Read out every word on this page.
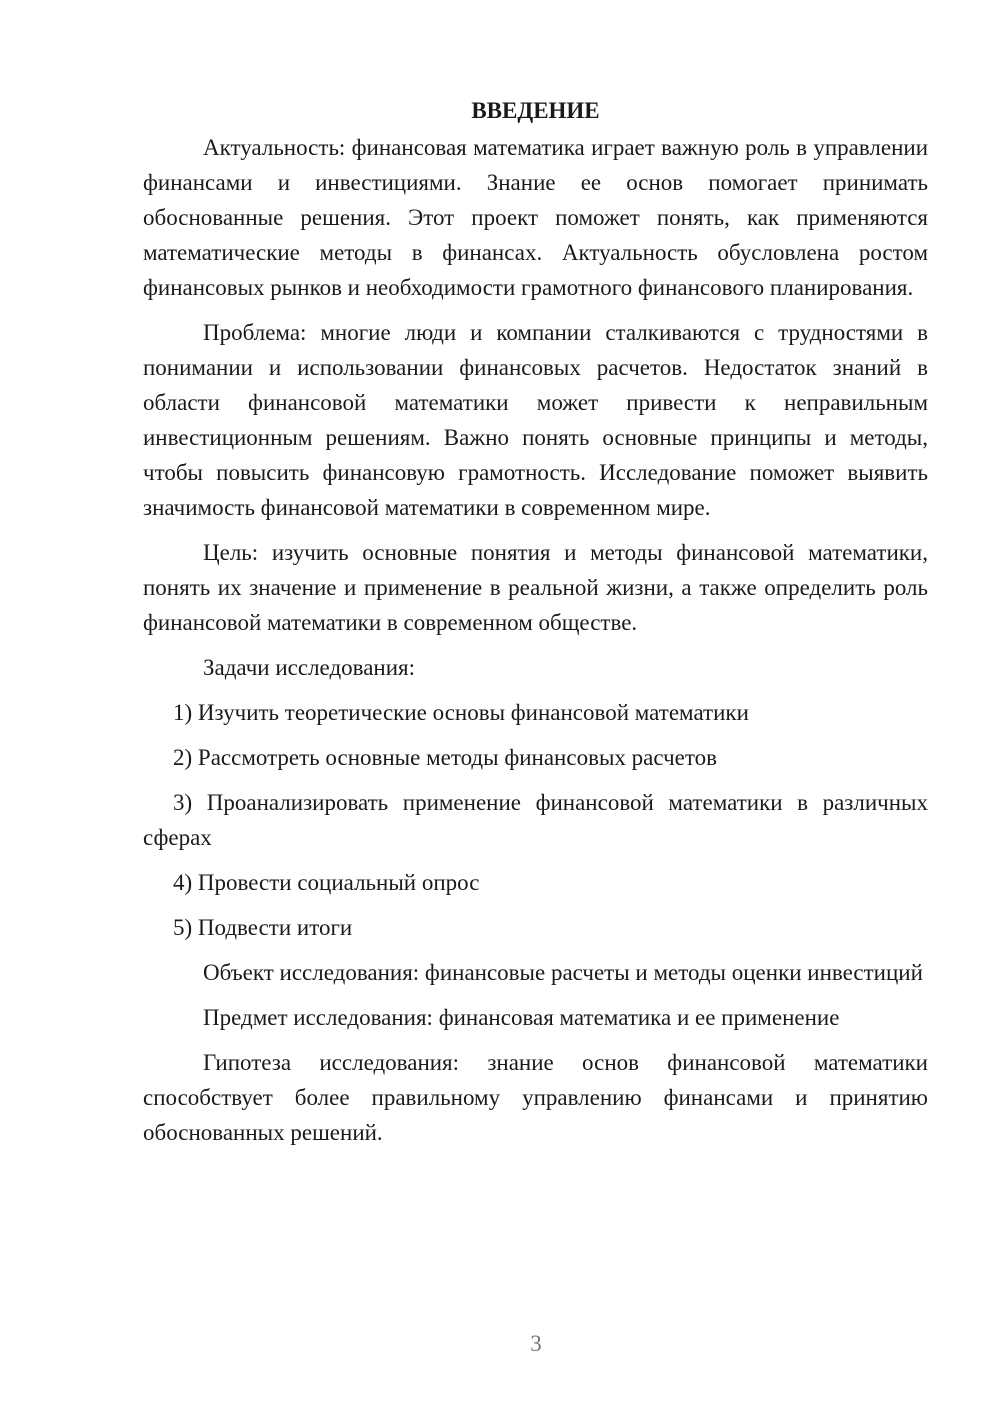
ВВЕДЕНИЕ

Актуальность: финансовая математика играет важную роль в управлении финансами и инвестициями. Знание ее основ помогает принимать обоснованные решения. Этот проект поможет понять, как применяются математические методы в финансах. Актуальность обусловлена ростом финансовых рынков и необходимости грамотного финансового планирования.

Проблема: многие люди и компании сталкиваются с трудностями в понимании и использовании финансовых расчетов. Недостаток знаний в области финансовой математики может привести к неправильным инвестиционным решениям. Важно понять основные принципы и методы, чтобы повысить финансовую грамотность. Исследование поможет выявить значимость финансовой математики в современном мире.

Цель: изучить основные понятия и методы финансовой математики, понять их значение и применение в реальной жизни, а также определить роль финансовой математики в современном обществе.

Задачи исследования:

1) Изучить теоретические основы финансовой математики

2) Рассмотреть основные методы финансовых расчетов

3) Проанализировать применение финансовой математики в различных сферах

4) Провести социальный опрос

5) Подвести итоги

Объект исследования: финансовые расчеты и методы оценки инвестиций

Предмет исследования: финансовая математика и ее применение

Гипотеза исследования: знание основ финансовой математики способствует более правильному управлению финансами и принятию обоснованных решений.

3
